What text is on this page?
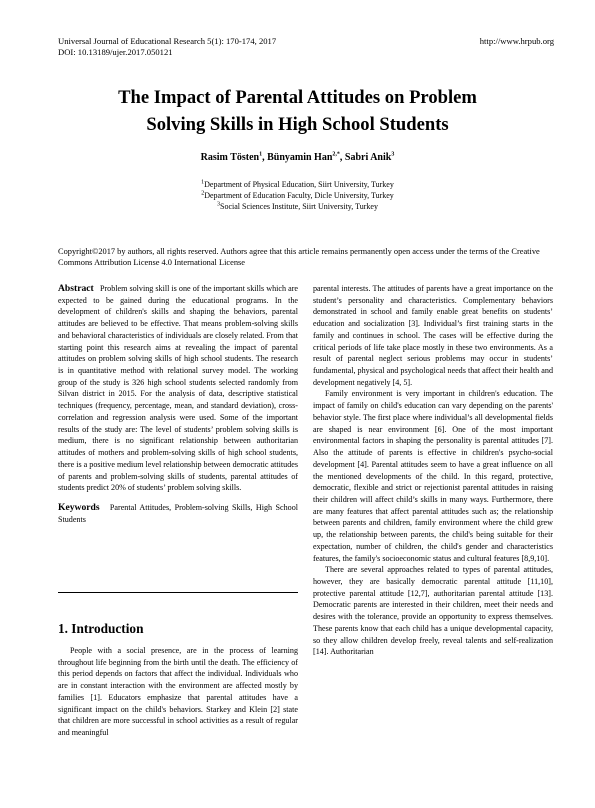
Universal Journal of Educational Research 5(1): 170-174, 2017
DOI: 10.13189/ujer.2017.050121
http://www.hrpub.org
The Impact of Parental Attitudes on Problem
Solving Skills in High School Students
Rasim Tösten$^1$, Bünyamin Han$^{2,*}$, Sabri Anik$^3$
$^1$Department of Physical Education, Siirt University, Turkey
$^2$Department of Education Faculty, Dicle University, Turkey
$^3$Social Sciences Institute, Siirt University, Turkey
Copyright©2017 by authors, all rights reserved. Authors agree that this article remains permanently open access under the terms of the Creative Commons Attribution License 4.0 International License

Abstract Problem solving skill is one of the important skills which are expected to be gained during the educational programs. In the development of children's skills and shaping the behaviors, parental attitudes are believed to be effective. That means problem-solving skills and behavioral characteristics of individuals are closely related. From that starting point this research aims at revealing the impact of parental attitudes on problem solving skills of high school students. The research is in quantitative method with relational survey model. The working group of the study is 326 high school students selected randomly from Silvan district in 2015. For the analysis of data, descriptive statistical techniques (frequency, percentage, mean, and standard deviation), cross-correlation and regression analysis were used. Some of the important results of the study are: The level of students’ problem solving skills is medium, there is no significant relationship between authoritarian attitudes of mothers and problem-solving skills of high school students, there is a positive medium level relationship between democratic attitudes of parents and problem-solving skills of students, parental attitudes of students predict 20% of students’ problem solving skills.

Keywords Parental Attitudes, Problem-solving Skills, High School Students

1. Introduction

People with a social presence, are in the process of learning throughout life beginning from the birth until the death. The efficiency of this period depends on factors that affect the individual. Individuals who are in constant interaction with the environment are affected mostly by families [1]. Educators emphasize that parental attitudes have a significant impact on the child's behaviors. Starkey and Klein [2] state that children are more successful in school activities as a result of regular and meaningful

parental interests. The attitudes of parents have a great importance on the student’s personality and characteristics. Complementary behaviors demonstrated in school and family enable great benefits on students’ education and socialization [3]. Individual’s first training starts in the family and continues in school. The cases will be effective during the critical periods of life take place mostly in these two environments. As a result of parental neglect serious problems may occur in students’ fundamental, physical and psychological needs that affect their health and development negatively [4, 5].

Family environment is very important in children's education. The impact of family on child's education can vary depending on the parents' behavior style. The first place where individual’s all developmental fields are shaped is near environment [6]. One of the most important environmental factors in shaping the personality is parental attitudes [7]. Also the attitude of parents is effective in children's psycho-social development [4]. Parental attitudes seem to have a great influence on all the mentioned developments of the child. In this regard, protective, democratic, flexible and strict or rejectionist parental attitudes in raising their children will affect child’s skills in many ways. Furthermore, there are many features that affect parental attitudes such as; the relationship between parents and children, family environment where the child grew up, the relationship between parents, the child's being suitable for their expectation, number of children, the child's gender and characteristics features, the family's socioeconomic status and cultural features [8,9,10].

There are several approaches related to types of parental attitudes, however, they are basically democratic parental attitude [11,10], protective parental attitude [12,7], authoritarian parental attitude [13]. Democratic parents are interested in their children, meet their needs and desires with the tolerance, provide an opportunity to express themselves. These parents know that each child has a unique developmental capacity, so they allow children develop freely, reveal talents and self-realization [14]. Authoritarian
